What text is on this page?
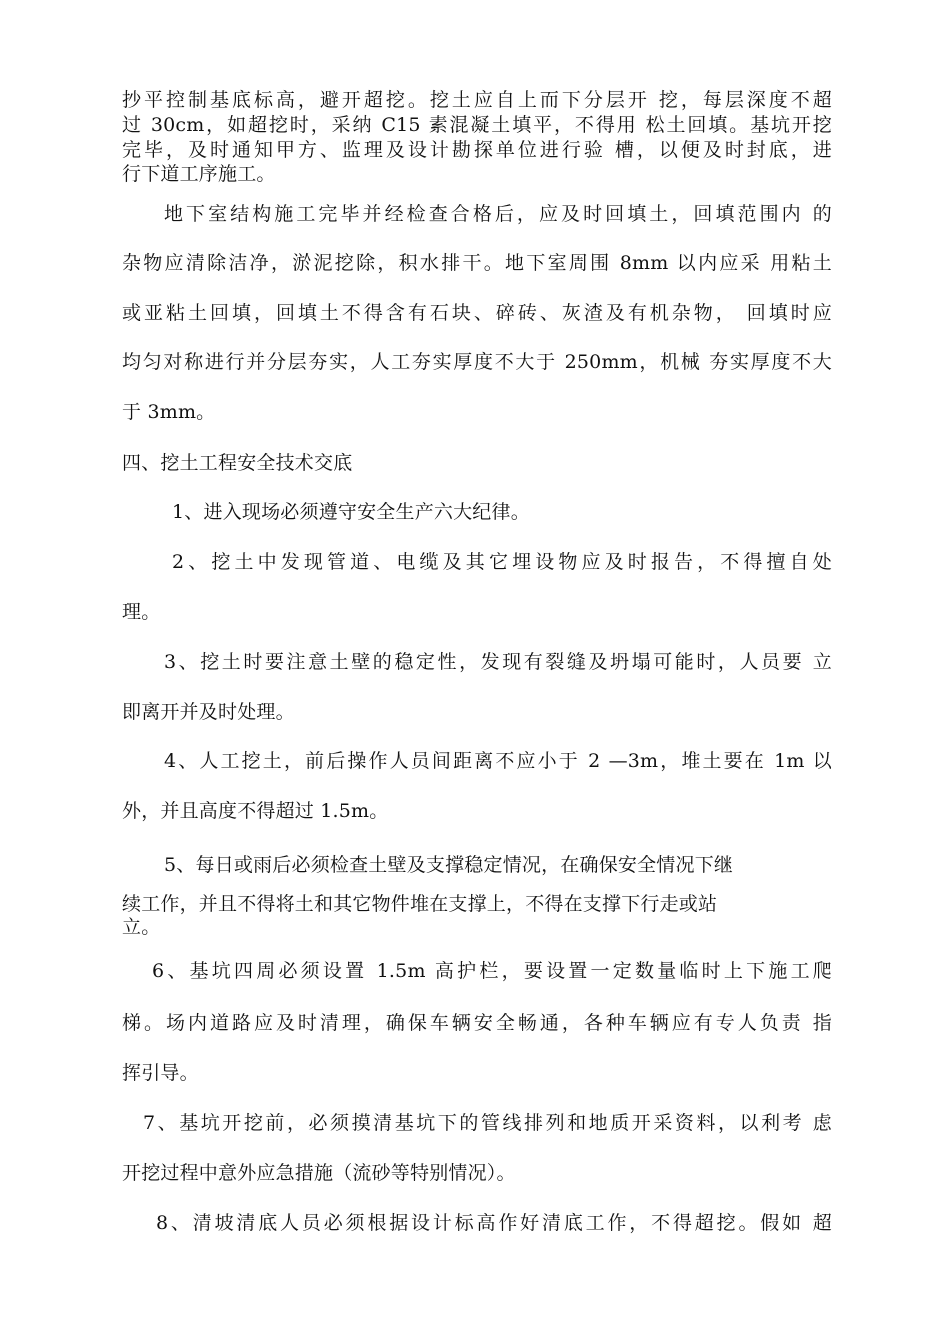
抄平控制基底标高，避开超挖。挖土应自上而下分层开 挖，每层深度不超
过 30cm，如超挖时，采纳 C15 素混凝土填平，不得用 松土回填。基坑开挖
完毕，及时通知甲方、监理及设计勘探单位进行验 槽，以便及时封底，进
行下道工序施工。
地下室结构施工完毕并经检查合格后，应及时回填土，回填范围内 的
杂物应清除洁净，淤泥挖除，积水排干。地下室周围 8mm 以内应采 用粘土
或亚粘土回填，回填土不得含有石块、碎砖、灰渣及有机杂物， 回填时应
均匀对称进行并分层夯实，人工夯实厚度不大于 250mm，机械 夯实厚度不大
于 3mm。
四、挖土工程安全技术交底
1、进入现场必须遵守安全生产六大纪律。
2、挖土中发现管道、电缆及其它埋设物应及时报告，不得擅自处
理。
3、挖土时要注意土壁的稳定性，发现有裂缝及坍塌可能时，人员要 立
即离开并及时处理。
4、人工挖土，前后操作人员间距离不应小于 2 —3m，堆土要在 1m 以
外，并且高度不得超过 1.5m。
5、每日或雨后必须检查土壁及支撑稳定情况，在确保安全情况下继
续工作，并且不得将土和其它物件堆在支撑上，不得在支撑下行走或站
立。
6、基坑四周必须设置 1.5m 高护栏，要设置一定数量临时上下施工爬
梯。场内道路应及时清理，确保车辆安全畅通，各种车辆应有专人负责 指
挥引导。
7、基坑开挖前，必须摸清基坑下的管线排列和地质开采资料，以利考 虑
开挖过程中意外应急措施（流砂等特别情况）。
8、清坡清底人员必须根据设计标高作好清底工作，不得超挖。假如 超
